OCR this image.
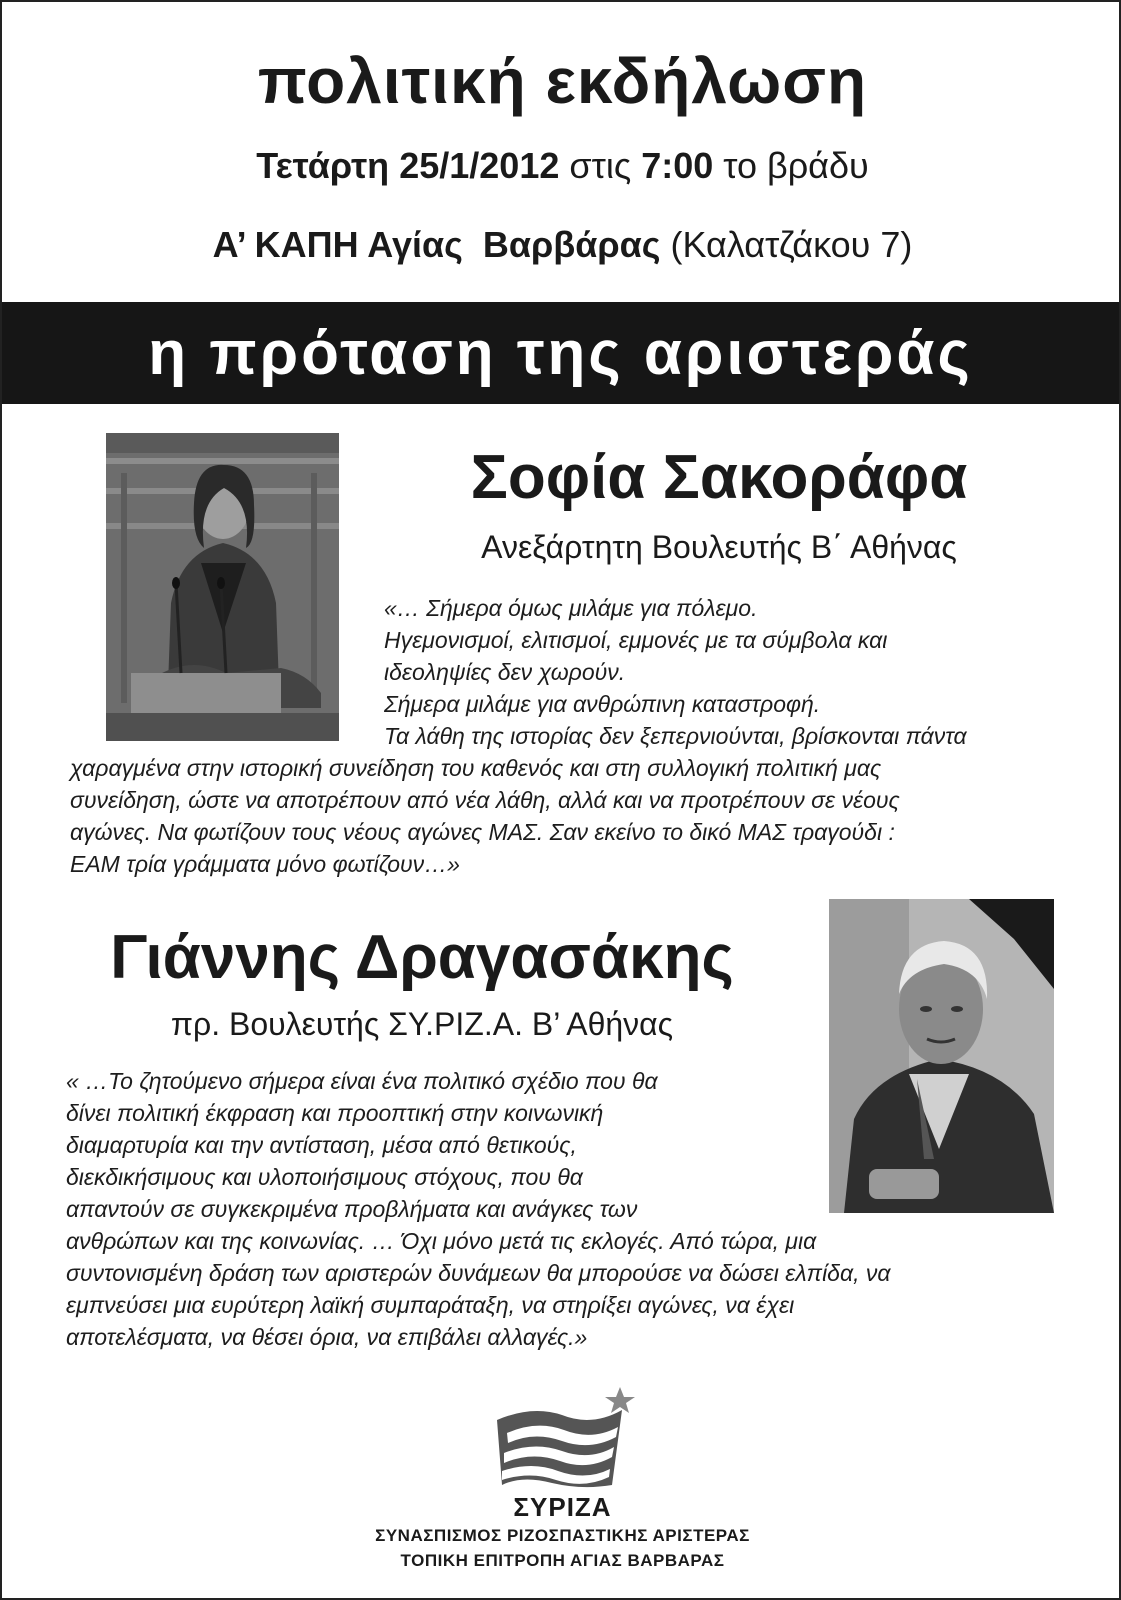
πολιτική εκδήλωση
Τετάρτη 25/1/2012 στις 7:00 το βράδυ
Α’ ΚΑΠΗ Αγίας  Βαρβάρας (Καλατζάκου 7)
η πρόταση της αριστεράς
Σοφία Σακοράφα
Ανεξάρτητη Βουλευτής Β΄ Αθήνας
«… Σήμερα όμως μιλάμε για πόλεμο.
Ηγεμονισμοί, ελιτισμοί, εμμονές με τα σύμβολα και
ιδεοληψίες δεν χωρούν.
Σήμερα μιλάμε για ανθρώπινη καταστροφή.
Τα λάθη της ιστορίας δεν ξεπερνιούνται, βρίσκονται πάντα
χαραγμένα στην ιστορική συνείδηση του καθενός και στη συλλογική πολιτική μας
συνείδηση, ώστε να αποτρέπουν από νέα λάθη, αλλά και να προτρέπουν σε νέους
αγώνες. Να φωτίζουν τους νέους αγώνες ΜΑΣ. Σαν εκείνο το δικό ΜΑΣ τραγούδι :
ΕΑΜ τρία γράμματα μόνο φωτίζουν…»
Γιάννης Δραγασάκης
πρ. Βουλευτής ΣΥ.ΡΙΖ.Α. Β’ Αθήνας
« …Το ζητούμενο σήμερα είναι ένα πολιτικό σχέδιο που θα
δίνει πολιτική έκφραση και προοπτική στην κοινωνική
διαμαρτυρία και την αντίσταση, μέσα από θετικούς,
διεκδικήσιμους και υλοποιήσιμους στόχους, που θα
απαντούν σε συγκεκριμένα προβλήματα και ανάγκες των
ανθρώπων και της κοινωνίας. … Όχι μόνο μετά τις εκλογές. Από τώρα, μια
συντονισμένη δράση των αριστερών δυνάμεων θα μπορούσε να δώσει ελπίδα, να
εμπνεύσει μια ευρύτερη λαϊκή συμπαράταξη, να στηρίξει αγώνες, να έχει
αποτελέσματα, να θέσει όρια, να επιβάλει αλλαγές.»
ΣΥΡΙΖΑ
ΣΥΝΑΣΠΙΣΜΟΣ ΡΙΖΟΣΠΑΣΤΙΚΗΣ ΑΡΙΣΤΕΡΑΣ
ΤΟΠΙΚΗ ΕΠΙΤΡΟΠΗ ΑΓΙΑΣ ΒΑΡΒΑΡΑΣ
